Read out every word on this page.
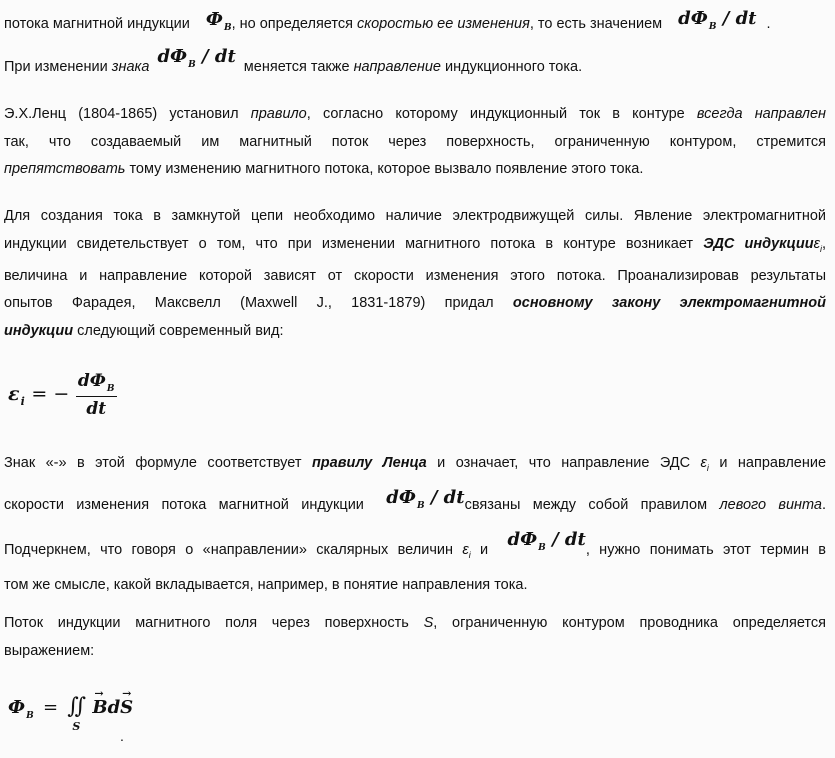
потока магнитной индукции $Ф_B$, но определяется скоростью ее изменения, то есть значением $dФ_B$ / dt .
При изменении знака $dФ_B$ / dt меняется также направление индукционного тока.
Э.Х.Ленц (1804-1865) установил правило, согласно которому индукционный ток в контуре всегда направлен
так, что создаваемый им магнитный поток через поверхность, ограниченную контуром, стремится
препятствовать тому изменению магнитного потока, которое вызвало появление этого тока.
Для создания тока в замкнутой цепи необходимо наличие электродвижущей силы. Явление электромагнитной
индукции свидетельствует о том, что при изменении магнитного потока в контуре возникает ЭДС индукцииε$_i$,
величина и направление которой зависят от скорости изменения этого потока. Проанализировав результаты
опытов Фарадея, Максвелл (Maxwell J., 1831-1879) придал основному закону электромагнитной
индукции следующий современный вид:
$\varepsilon_i$ = − $\frac{dФ_B}{dt}$
Знак «-» в этой формуле соответствует правилу Ленца и означает, что направление ЭДС $\varepsilon_i$ и направление
скорости изменения потока магнитной индукции $dФ_B$ / dtсвязаны между собой правилом левого винта.
Подчеркнем, что говоря о «направлении» скалярных величин $\varepsilon_i$ и $dФ_B$ / dt, нужно понимать этот термин в
том же смысле, какой вкладывается, например, в понятие направления тока.
Поток индукции магнитного поля через поверхность S, ограниченную контуром проводника определяется
выражением:
$Ф_B$ = ∬
S

→
Bd
→
S
.
